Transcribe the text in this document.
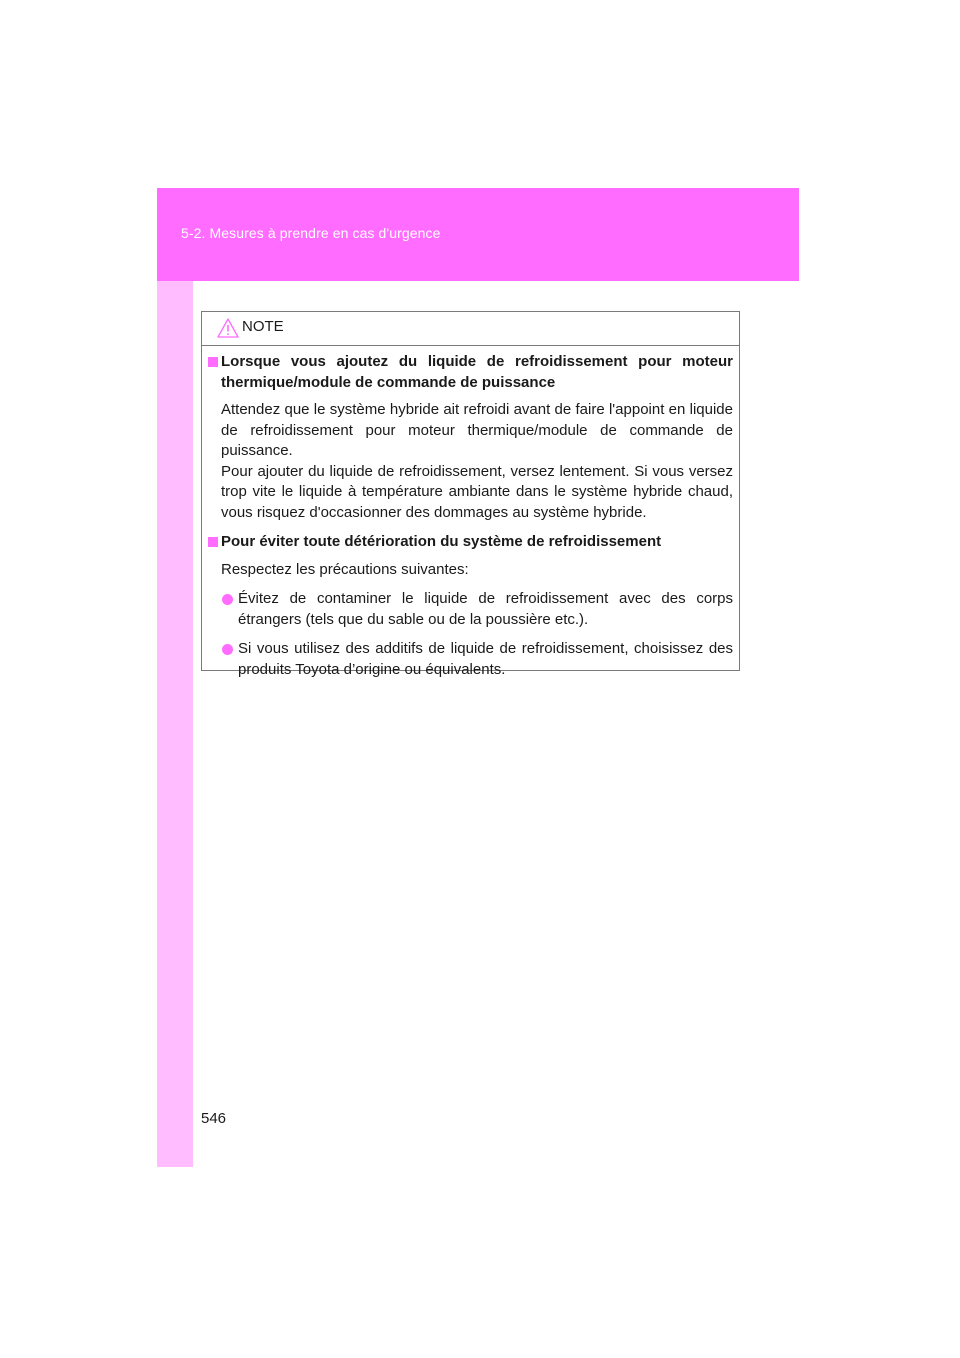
5-2. Mesures à prendre en cas d'urgence
NOTE
Lorsque vous ajoutez du liquide de refroidissement pour moteur thermique/module de commande de puissance
Attendez que le système hybride ait refroidi avant de faire l'appoint en liquide de refroidissement pour moteur thermique/module de commande de puissance.
Pour ajouter du liquide de refroidissement, versez lentement. Si vous versez trop vite le liquide à température ambiante dans le système hybride chaud, vous risquez d'occasionner des dommages au système hybride.
Pour éviter toute détérioration du système de refroidissement
Respectez les précautions suivantes:
Évitez de contaminer le liquide de refroidissement avec des corps étrangers (tels que du sable ou de la poussière etc.).
Si vous utilisez des additifs de liquide de refroidissement, choisissez des produits Toyota d’origine ou équivalents.
546
